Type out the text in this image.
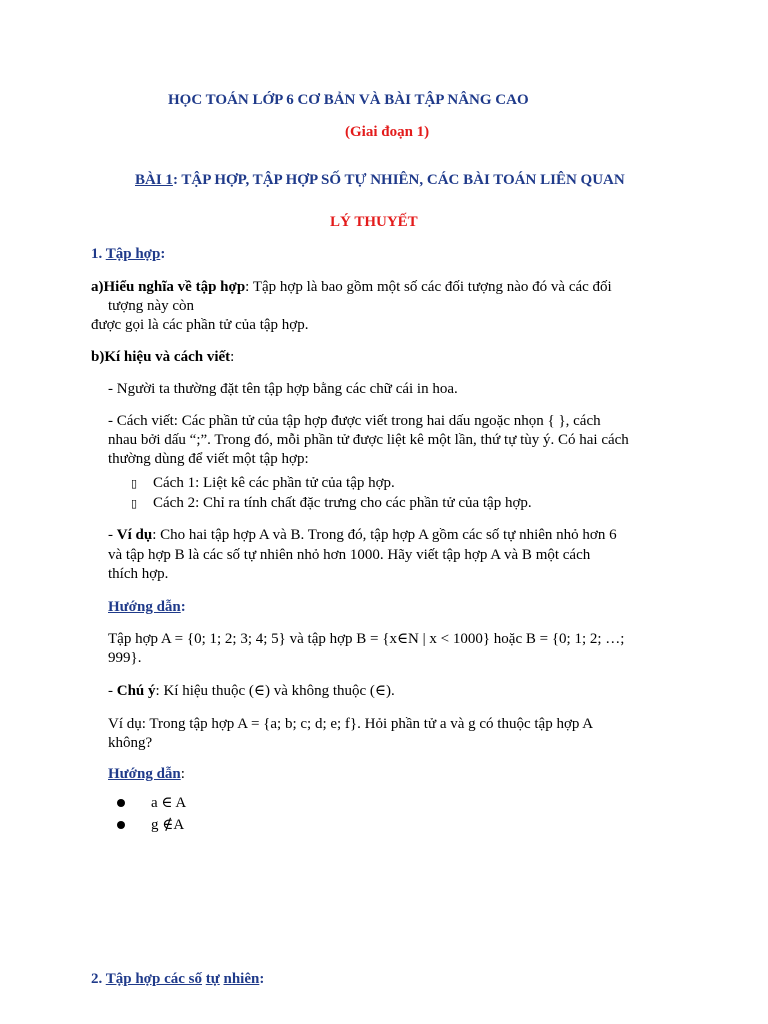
HỌC TOÁN LỚP 6 CƠ BẢN VÀ BÀI TẬP NÂNG CAO
(Giai đoạn 1)
BÀI 1: TẬP HỢP, TẬP HỢP SỐ TỰ NHIÊN, CÁC BÀI TOÁN LIÊN QUAN
LÝ THUYẾT
1. Tập hợp:
a)Hiểu nghĩa về tập hợp: Tập hợp là bao gồm một số các đối tượng nào đó và các đối
tượng này còn
được gọi là các phần tử của tập hợp.
b)Kí hiệu và cách viết:
- Người ta thường đặt tên tập hợp bằng các chữ cái in hoa.
- Cách viết: Các phần tử của tập hợp được viết trong hai dấu ngoặc nhọn { }, cách
nhau bởi dấu “;”. Trong đó, mỗi phần tử được liệt kê một lần, thứ tự tùy ý. Có hai cách
thường dùng để viết một tập hợp:
▯ Cách 1: Liệt kê các phần tử của tập hợp.
▯ Cách 2: Chỉ ra tính chất đặc trưng cho các phần tử của tập hợp.
- Ví dụ: Cho hai tập hợp A và B. Trong đó, tập hợp A gồm các số tự nhiên nhỏ hơn 6
và tập hợp B là các số tự nhiên nhỏ hơn 1000. Hãy viết tập hợp A và B một cách
thích hợp.
Hướng dẫn:
Tập hợp A = {0; 1; 2; 3; 4; 5} và tập hợp B = {x∈N | x < 1000} hoặc B = {0; 1; 2; …;
999}.
- Chú ý: Kí hiệu thuộc (∈) và không thuộc (∈).
Ví dụ: Trong tập hợp A = {a; b; c; d; e; f}. Hỏi phần tử a và g có thuộc tập hợp A
không?
Hướng dẫn:
a ∈ A
g ∉A
2. Tập hợp các số tự nhiên:
